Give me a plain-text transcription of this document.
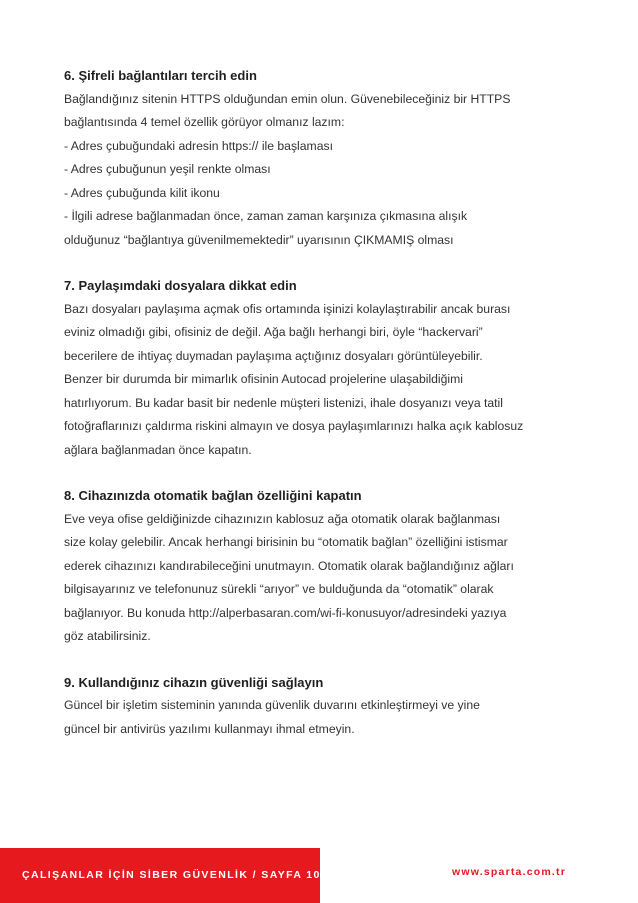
6. Şifreli bağlantıları tercih edin

Bağlandığınız sitenin HTTPS olduğundan emin olun. Güvenebileceğiniz bir HTTPS

bağlantısında 4 temel özellik görüyor olmanız lazım:

- Adres çubuğundaki adresin https:// ile başlaması

- Adres çubuğunun yeşil renkte olması

- Adres çubuğunda kilit ikonu

- İlgili adrese bağlanmadan önce, zaman zaman karşınıza çıkmasına alışık

olduğunuz “bağlantıya güvenilmemektedir” uyarısının ÇIKMAMIŞ olması

7. Paylaşımdaki dosyalara dikkat edin

Bazı dosyaları paylaşıma açmak ofis ortamında işinizi kolaylaştırabilir ancak burası

eviniz olmadığı gibi, ofisiniz de değil. Ağa bağlı herhangi biri, öyle “hackervari”

becerilere de ihtiyaç duymadan paylaşıma açtığınız dosyaları görüntüleyebilir.

Benzer bir durumda bir mimarlık ofisinin Autocad projelerine ulaşabildiğimi

hatırlıyorum. Bu kadar basit bir nedenle müşteri listenizi, ihale dosyanızı veya tatil

fotoğraflarınızı çaldırma riskini almayın ve dosya paylaşımlarınızı halka açık kablosuz

ağlara bağlanmadan önce kapatın.

8. Cihazınızda otomatik bağlan özelliğini kapatın

Eve veya ofise geldiğinizde cihazınızın kablosuz ağa otomatik olarak bağlanması

size kolay gelebilir. Ancak herhangi birisinin bu “otomatik bağlan” özelliğini istismar

ederek cihazınızı kandırabileceğini unutmayın. Otomatik olarak bağlandığınız ağları

bilgisayarınız ve telefonunuz sürekli “arıyor” ve bulduğunda da “otomatik” olarak

bağlanıyor. Bu konuda http://alperbasaran.com/wi-fi-konusuyor/adresindeki yazıya

göz atabilirsiniz.

9. Kullandığınız cihazın güvenliği sağlayın

Güncel bir işletim sisteminin yanında güvenlik duvarını etkinleştirmeyi ve yine

güncel bir antivirüs yazılımı kullanmayı ihmal etmeyin.

ÇALIŞANLAR İÇİN SİBER GÜVENLİK / SAYFA 10	www.sparta.com.tr
